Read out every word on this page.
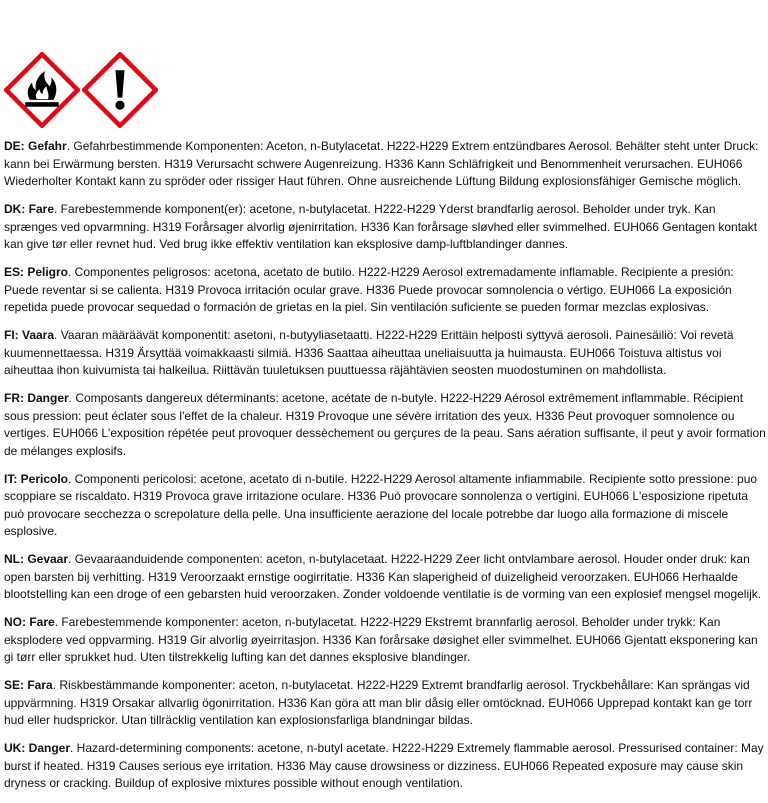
DE: Gefahr. Gefahrbestimmende Komponenten: Aceton, n-Butylacetat. H222-H229 Extrem entzündbares Aerosol. Behälter steht unter Druck: kann bei Erwärmung bersten. H319 Verursacht schwere Augenreizung. H336 Kann Schläfrigkeit und Benommenheit verursachen. EUH066 Wiederholter Kontakt kann zu spröder oder rissiger Haut führen. Ohne ausreichende Lüftung Bildung explosionsfähiger Gemische möglich.

DK: Fare. Farebestemmende komponent(er): acetone, n-butylacetat. H222-H229 Yderst brandfarlig aerosol. Beholder under tryk. Kan sprænges ved opvarmning. H319 Forårsager alvorlig øjenirritation. H336 Kan forårsage sløvhed eller svimmelhed. EUH066 Gentagen kontakt kan give tør eller revnet hud. Ved brug ikke effektiv ventilation kan eksplosive damp-luftblandinger dannes.

ES: Peligro. Componentes peligrosos: acetona, acetato de butilo. H222-H229 Aerosol extremadamente inflamable. Recipiente a presión: Puede reventar si se calienta. H319 Provoca irritación ocular grave. H336 Puede provocar somnolencia o vértigo. EUH066 La exposición repetida puede provocar sequedad o formación de grietas en la piel. Sin ventilación suficiente se pueden formar mezclas explosivas.

FI: Vaara. Vaaran määräävät komponentit: asetoni, n-butyyliasetaatti. H222-H229 Erittäin helposti syttyvä aerosoli. Painesäiliö: Voi revetä kuumennettaessa. H319 Ärsyttää voimakkaasti silmiä. H336 Saattaa aiheuttaa uneliaisuutta ja huimausta. EUH066 Toistuva altistus voi aiheuttaa ihon kuivumista tai halkeilua. Riittävän tuuletuksen puuttuessa räjähtävien seosten muodostuminen on mahdollista.

FR: Danger. Composants dangereux déterminants: acetone, acétate de n-butyle. H222-H229 Aérosol extrêmement inflammable. Récipient sous pression: peut éclater sous l'effet de la chaleur. H319 Provoque une sévère irritation des yeux. H336 Peut provoquer somnolence ou vertiges. EUH066 L'exposition répétée peut provoquer dessèchement ou gerçures de la peau. Sans aération suffisante, il peut y avoir formation de mélanges explosifs.

IT: Pericolo. Componenti pericolosi: acetone, acetato di n-butile. H222-H229 Aerosol altamente infiammabile. Recipiente sotto pressione: puo scoppiare se riscaldato. H319 Provoca grave irritazione oculare. H336 Può provocare sonnolenza o vertigini. EUH066 L'esposizione ripetuta può provocare secchezza o screpolature della pelle. Una insufficiente aerazione del locale potrebbe dar luogo alla formazione di miscele esplosive.

NL: Gevaar. Gevaaraanduidende componenten: aceton, n-butylacetaat. H222-H229 Zeer licht ontvlambare aerosol. Houder onder druk: kan open barsten bij verhitting. H319 Veroorzaakt ernstige oogirritatie. H336 Kan slaperigheid of duizeligheid veroorzaken. EUH066 Herhaalde blootstelling kan een droge of een gebarsten huid veroorzaken. Zonder voldoende ventilatie is de vorming van een explosief mengsel mogelijk.

NO: Fare. Farebestemmende komponenter: aceton, n-butylacetat. H222-H229 Ekstremt brannfarlig aerosol. Beholder under trykk: Kan eksplodere ved oppvarming. H319 Gir alvorlig øyeirritasjon. H336 Kan forårsake døsighet eller svimmelhet. EUH066 Gjentatt eksponering kan gi tørr eller sprukket hud. Uten tilstrekkelig lufting kan det dannes eksplosive blandinger.

SE: Fara. Riskbestämmande komponenter: aceton, n-butylacetat. H222-H229 Extremt brandfarlig aerosol. Tryckbehållare: Kan sprängas vid uppvärmning. H319 Orsakar allvarlig ögonirritation. H336 Kan göra att man blir dåsig eller omtöcknad. EUH066 Upprepad kontakt kan ge torr hud eller hudsprickor. Utan tillräcklig ventilation kan explosionsfarliga blandningar bildas.

UK: Danger. Hazard-determining components: acetone, n-butyl acetate. H222-H229 Extremely flammable aerosol. Pressurised container: May burst if heated. H319 Causes serious eye irritation. H336 May cause drowsiness or dizziness. EUH066 Repeated exposure may cause skin dryness or cracking. Buildup of explosive mixtures possible without enough ventilation.
